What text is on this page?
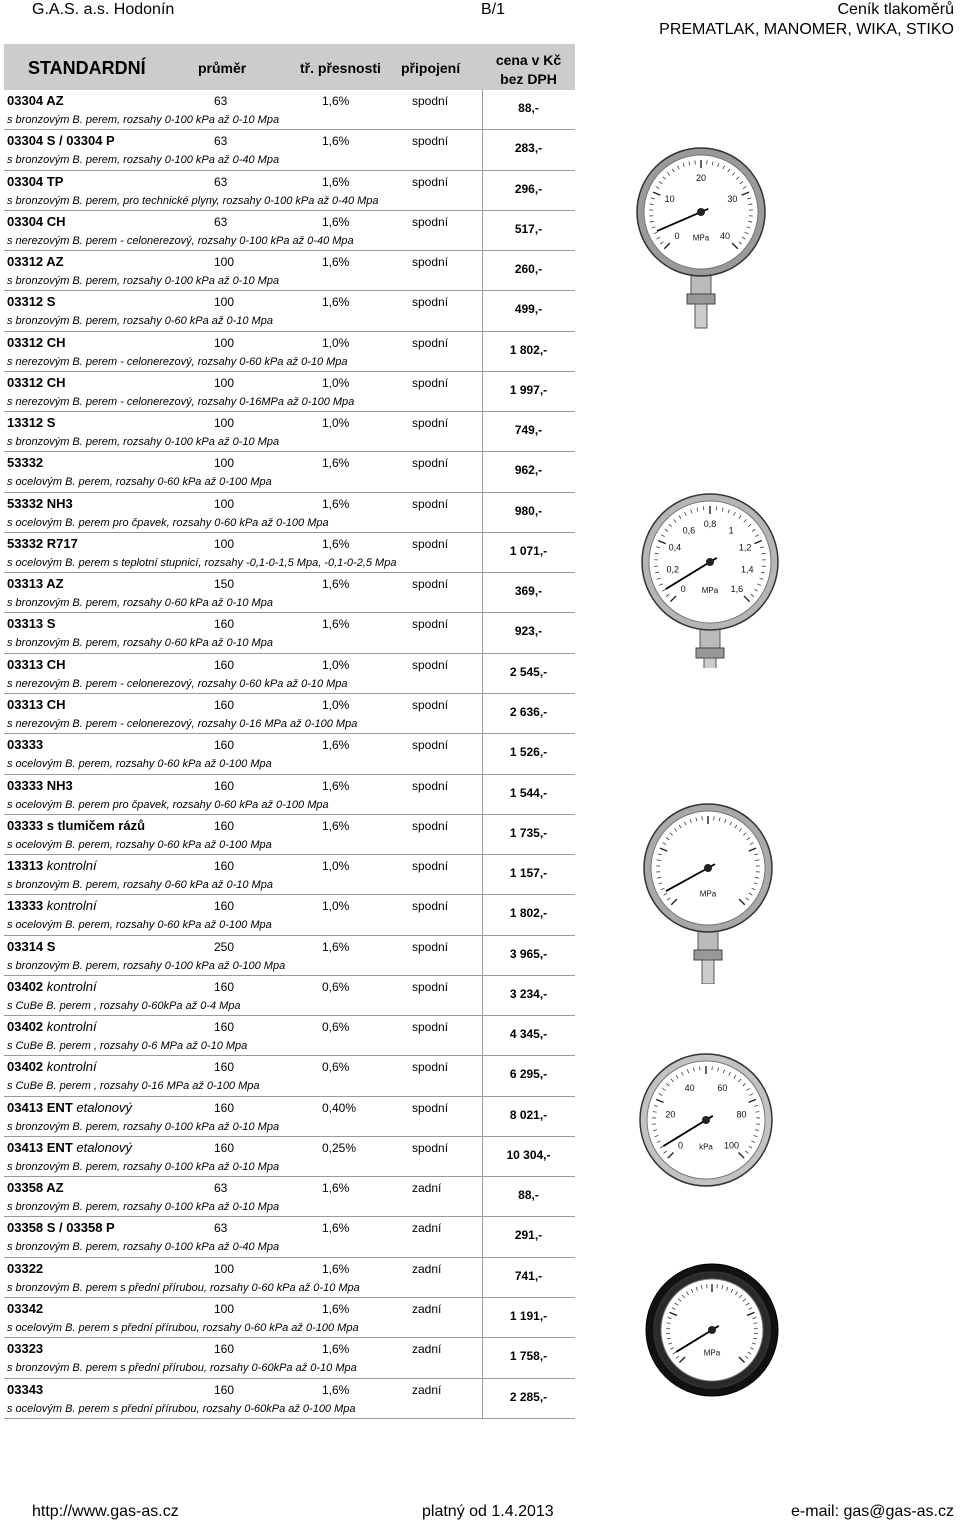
G.A.S. a.s. Hodonín	B/1	Ceník tlakoměrů
PREMATLAK, MANOMER, WIKA, STIKO
STANDARDNÍ	průměr	tř. přesnosti připojení	cena v Kč
bez DPH
03304 AZ	63	1,6%	spodní
s bronzovým B. perem, rozsahy 0-100 kPa až 0-10 Mpa
88,-
03304 S / 03304 P	63	1,6%	spodní
s bronzovým B. perem, rozsahy 0-100 kPa až 0-40 Mpa
283,-
03304 TP	63	1,6%	spodní
s bronzovým B. perem, pro technické plyny, rozsahy 0-100 kPa až 0-40 Mpa
296,-
03304 CH	63	1,6%	spodní
s nerezovým B. perem - celonerezový, rozsahy 0-100 kPa až 0-40 Mpa
517,-
03312 AZ	100	1,6%	spodní
s bronzovým B. perem, rozsahy 0-100 kPa až 0-10 Mpa
260,-
03312 S	100	1,6%	spodní
s bronzovým B. perem, rozsahy 0-60 kPa až 0-10 Mpa
499,-
03312 CH	100	1,0%	spodní
s nerezovým B. perem - celonerezový, rozsahy 0-60 kPa až 0-10 Mpa
1 802,-
03312 CH	100	1,0%	spodní
s nerezovým B. perem - celonerezový, rozsahy 0-16MPa až 0-100 Mpa
1 997,-
13312 S	100	1,0%	spodní
s bronzovým B. perem, rozsahy 0-100 kPa až 0-10 Mpa
749,-
53332	100	1,6%	spodní
s ocelovým B. perem, rozsahy 0-60 kPa až 0-100 Mpa
962,-
53332 NH3	100	1,6%	spodní
s ocelovým B. perem pro čpavek, rozsahy 0-60 kPa až 0-100 Mpa
980,-
53332 R717	100	1,6%	spodní
s ocelovým B. perem s teplotní stupnicí, rozsahy -0,1-0-1,5 Mpa, -0,1-0-2,5 Mpa
1 071,-
03313 AZ	150	1,6%	spodní
s bronzovým B. perem, rozsahy 0-60 kPa až 0-10 Mpa
369,-
03313 S	160	1,6%	spodní
s bronzovým B. perem, rozsahy 0-60 kPa až 0-10 Mpa
923,-
03313 CH	160	1,0%	spodní
s nerezovým B. perem - celonerezový, rozsahy 0-60 kPa až 0-10 Mpa
2 545,-
03313 CH	160	1,0%	spodní
s nerezovým B. perem - celonerezový, rozsahy 0-16 MPa až 0-100 Mpa
2 636,-
03333	160	1,6%	spodní
s ocelovým B. perem, rozsahy 0-60 kPa až 0-100 Mpa
1 526,-
03333 NH3	160	1,6%	spodní
s ocelovým B. perem pro čpavek, rozsahy 0-60 kPa až 0-100 Mpa
1 544,-
03333 s tlumičem rázů	160	1,6%	spodní
s ocelovým B. perem, rozsahy 0-60 kPa až 0-100 Mpa
1 735,-
13313 kontrolní	160	1,0%	spodní
s bronzovým B. perem, rozsahy 0-60 kPa až 0-10 Mpa
1 157,-
13333 kontrolní	160	1,0%	spodní
s ocelovým B. perem, rozsahy 0-60 kPa až 0-100 Mpa
1 802,-
03314 S	250	1,6%	spodní
s bronzovým B. perem, rozsahy 0-100 kPa až 0-100 Mpa
3 965,-
03402 kontrolní	160	0,6%	spodní
s CuBe B. perem , rozsahy 0-60kPa až 0-4 Mpa
3 234,-
03402 kontrolní	160	0,6%	spodní
s CuBe B. perem , rozsahy 0-6 MPa až 0-10 Mpa
4 345,-
03402 kontrolní	160	0,6%	spodní
s CuBe B. perem , rozsahy 0-16 MPa až 0-100 Mpa
6 295,-
03413 ENT etalonový	160	0,40%	spodní
s bronzovým B. perem, rozsahy 0-100 kPa až 0-10 Mpa
8 021,-
03413 ENT etalonový	160	0,25%	spodní
s bronzovým B. perem, rozsahy 0-100 kPa až 0-10 Mpa
10 304,-
03358 AZ	63	1,6%	zadní
s bronzovým B. perem, rozsahy 0-100 kPa až 0-10 Mpa
88,-
03358 S / 03358 P	63	1,6%	zadní
s bronzovým B. perem, rozsahy 0-100 kPa až 0-40 Mpa
291,-
03322	100	1,6%	zadní
s bronzovým B. perem s přední přírubou, rozsahy 0-60 kPa až 0-10 Mpa
741,-
03342	100	1,6%	zadní
s ocelovým B. perem s přední přírubou, rozsahy 0-60 kPa až 0-100 Mpa
1 191,-
03323	160	1,6%	zadní
s bronzovým B. perem s přední přírubou, rozsahy 0-60kPa až 0-10 Mpa
1 758,-
03343	160	1,6%	zadní
s ocelovým B. perem s přední přírubou, rozsahy 0-60kPa až 0-100 Mpa
2 285,-
0
10
20
30
40
MPa
0
0,2
0,4
0,6
0,8
1
1,2
1,4
1,6
MPa
MPa
0
20
40	60
80
100
kPa
MPa
http://www.gas-as.cz	platný od 1.4.2013	e-mail: gas@gas-as.cz
